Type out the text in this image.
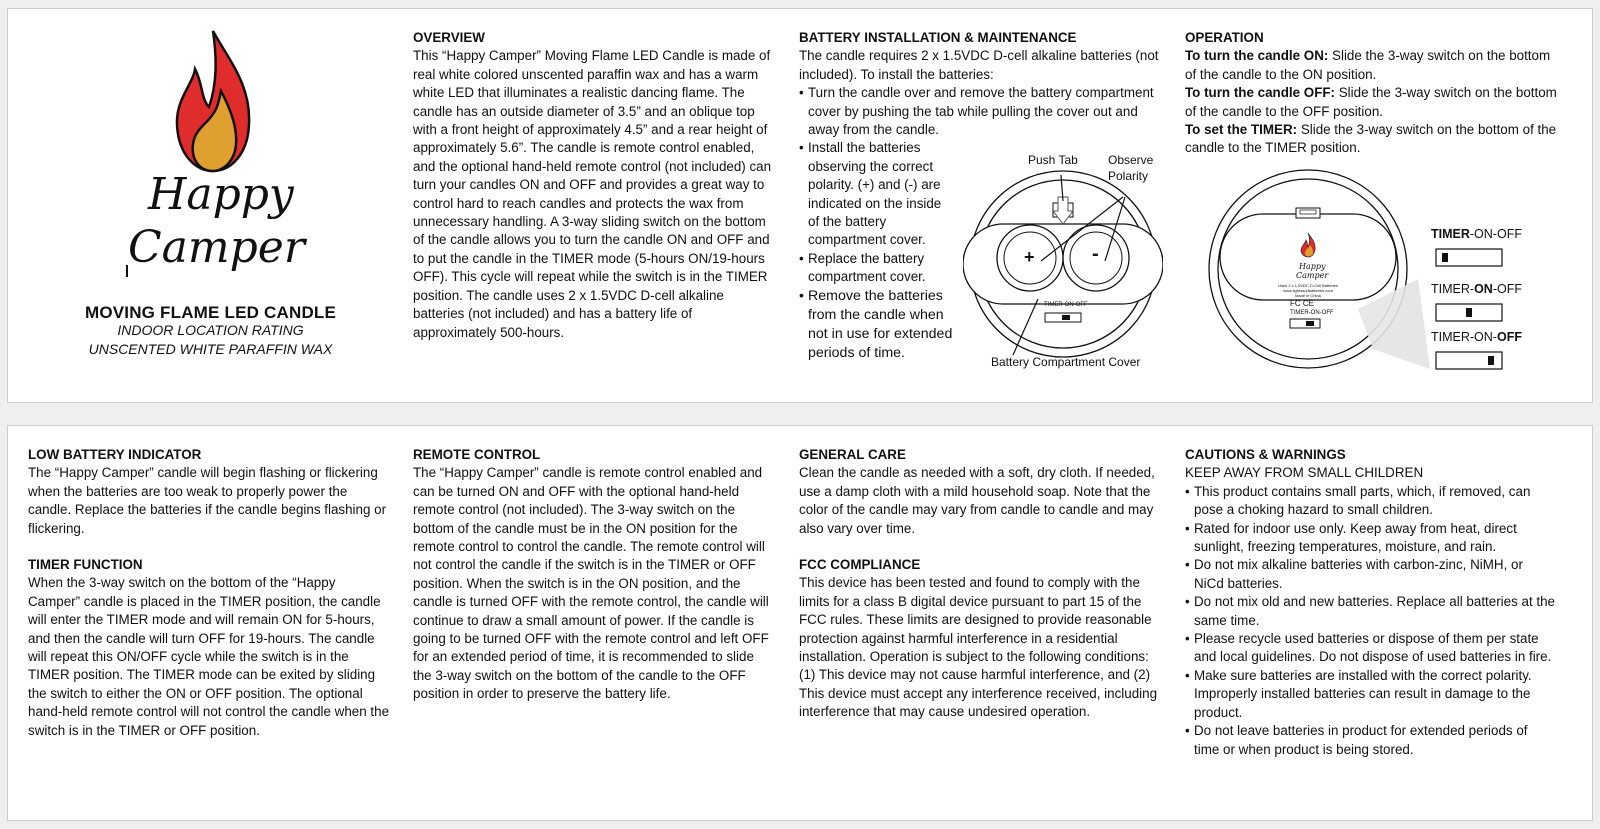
Happy
Camper
MOVING FLAME LED CANDLE
INDOOR LOCATION RATING
UNSCENTED WHITE PARAFFIN WAX
OVERVIEW

This “Happy Camper” Moving Flame LED Candle is made of real white colored unscented paraffin wax and has a warm white LED that illuminates a realistic dancing flame. The candle has an outside diameter of 3.5” and an oblique top with a front height of approximately 4.5” and a rear height of approximately 5.6”. The candle is remote control enabled, and the optional hand-held remote control (not included) can turn your candles ON and OFF and provides a great way to control hard to reach candles and protects the wax from unnecessary handling. A 3-way sliding switch on the bottom of the candle allows you to turn the candle ON and OFF and to put the candle in the TIMER mode (5-hours ON/19-hours OFF). This cycle will repeat while the switch is in the TIMER position. The candle uses 2 x 1.5VDC D-cell alkaline batteries (not included) and has a battery life of approximately 500-hours.

BATTERY INSTALLATION & MAINTENANCE

The candle requires 2 x 1.5VDC D-cell alkaline batteries (not included). To install the batteries:

• Turn the candle over and remove the battery compartment cover by pushing the tab while pulling the cover out and away from the candle.
• Install the batteries observing the correct polarity. (+) and (-) are indicated on the inside of the battery compartment cover.
• Replace the battery compartment cover.
• Remove the batteries from the candle when not in use for extended periods of time.
Push Tab	Observe
Polarity
+	-
TIMER-ON-OFF
Battery Compartment Cover
OPERATION

To turn the candle ON: Slide the 3-way switch on the bottom of the candle to the ON position.

To turn the candle OFF: Slide the 3-way switch on the bottom of the candle to the OFF position.

To set the TIMER: Slide the 3-way switch on the bottom of the candle to the TIMER position.

Happy
Camper
Uses 2 x 1.5VDC D-Cell Batteries
www.lightsandbatteries.com
Made in China
FC CE
TIMER-ON-OFF
TIMER-ON-OFF
TIMER-ON-OFF
TIMER-ON-OFF
LOW BATTERY INDICATOR

The “Happy Camper” candle will begin flashing or flickering when the batteries are too weak to properly power the candle. Replace the batteries if the candle begins flashing or flickering.

TIMER FUNCTION

When the 3-way switch on the bottom of the “Happy Camper” candle is placed in the TIMER position, the candle will enter the TIMER mode and will remain ON for 5-hours, and then the candle will turn OFF for 19-hours. The candle will repeat this ON/OFF cycle while the switch is in the TIMER position. The TIMER mode can be exited by sliding the switch to either the ON or OFF position. The optional hand-held remote control will not control the candle when the switch is in the TIMER or OFF position.

REMOTE CONTROL

The “Happy Camper” candle is remote control enabled and can be turned ON and OFF with the optional hand-held remote control (not included). The 3-way switch on the bottom of the candle must be in the ON position for the remote control to control the candle. The remote control will not control the candle if the switch is in the TIMER or OFF position. When the switch is in the ON position, and the candle is turned OFF with the remote control, the candle will continue to draw a small amount of power. If the candle is going to be turned OFF with the remote control and left OFF for an extended period of time, it is recommended to slide the 3-way switch on the bottom of the candle to the OFF position in order to preserve the battery life.

GENERAL CARE

Clean the candle as needed with a soft, dry cloth. If needed, use a damp cloth with a mild household soap. Note that the color of the candle may vary from candle to candle and may also vary over time.

FCC COMPLIANCE

This device has been tested and found to comply with the limits for a class B digital device pursuant to part 15 of the FCC rules. These limits are designed to provide reasonable protection against harmful interference in a residential installation. Operation is subject to the following conditions: (1) This device may not cause harmful interference, and (2) This device must accept any interference received, including interference that may cause undesired operation.

CAUTIONS & WARNINGS

KEEP AWAY FROM SMALL CHILDREN

• This product contains small parts, which, if removed, can pose a choking hazard to small children.
• Rated for indoor use only. Keep away from heat, direct sunlight, freezing temperatures, moisture, and rain.
• Do not mix alkaline batteries with carbon-zinc, NiMH, or NiCd batteries.
• Do not mix old and new batteries. Replace all batteries at the same time.
• Please recycle used batteries or dispose of them per state and local guidelines. Do not dispose of used batteries in fire.
• Make sure batteries are installed with the correct polarity. Improperly installed batteries can result in damage to the product.
• Do not leave batteries in product for extended periods of time or when product is being stored.
